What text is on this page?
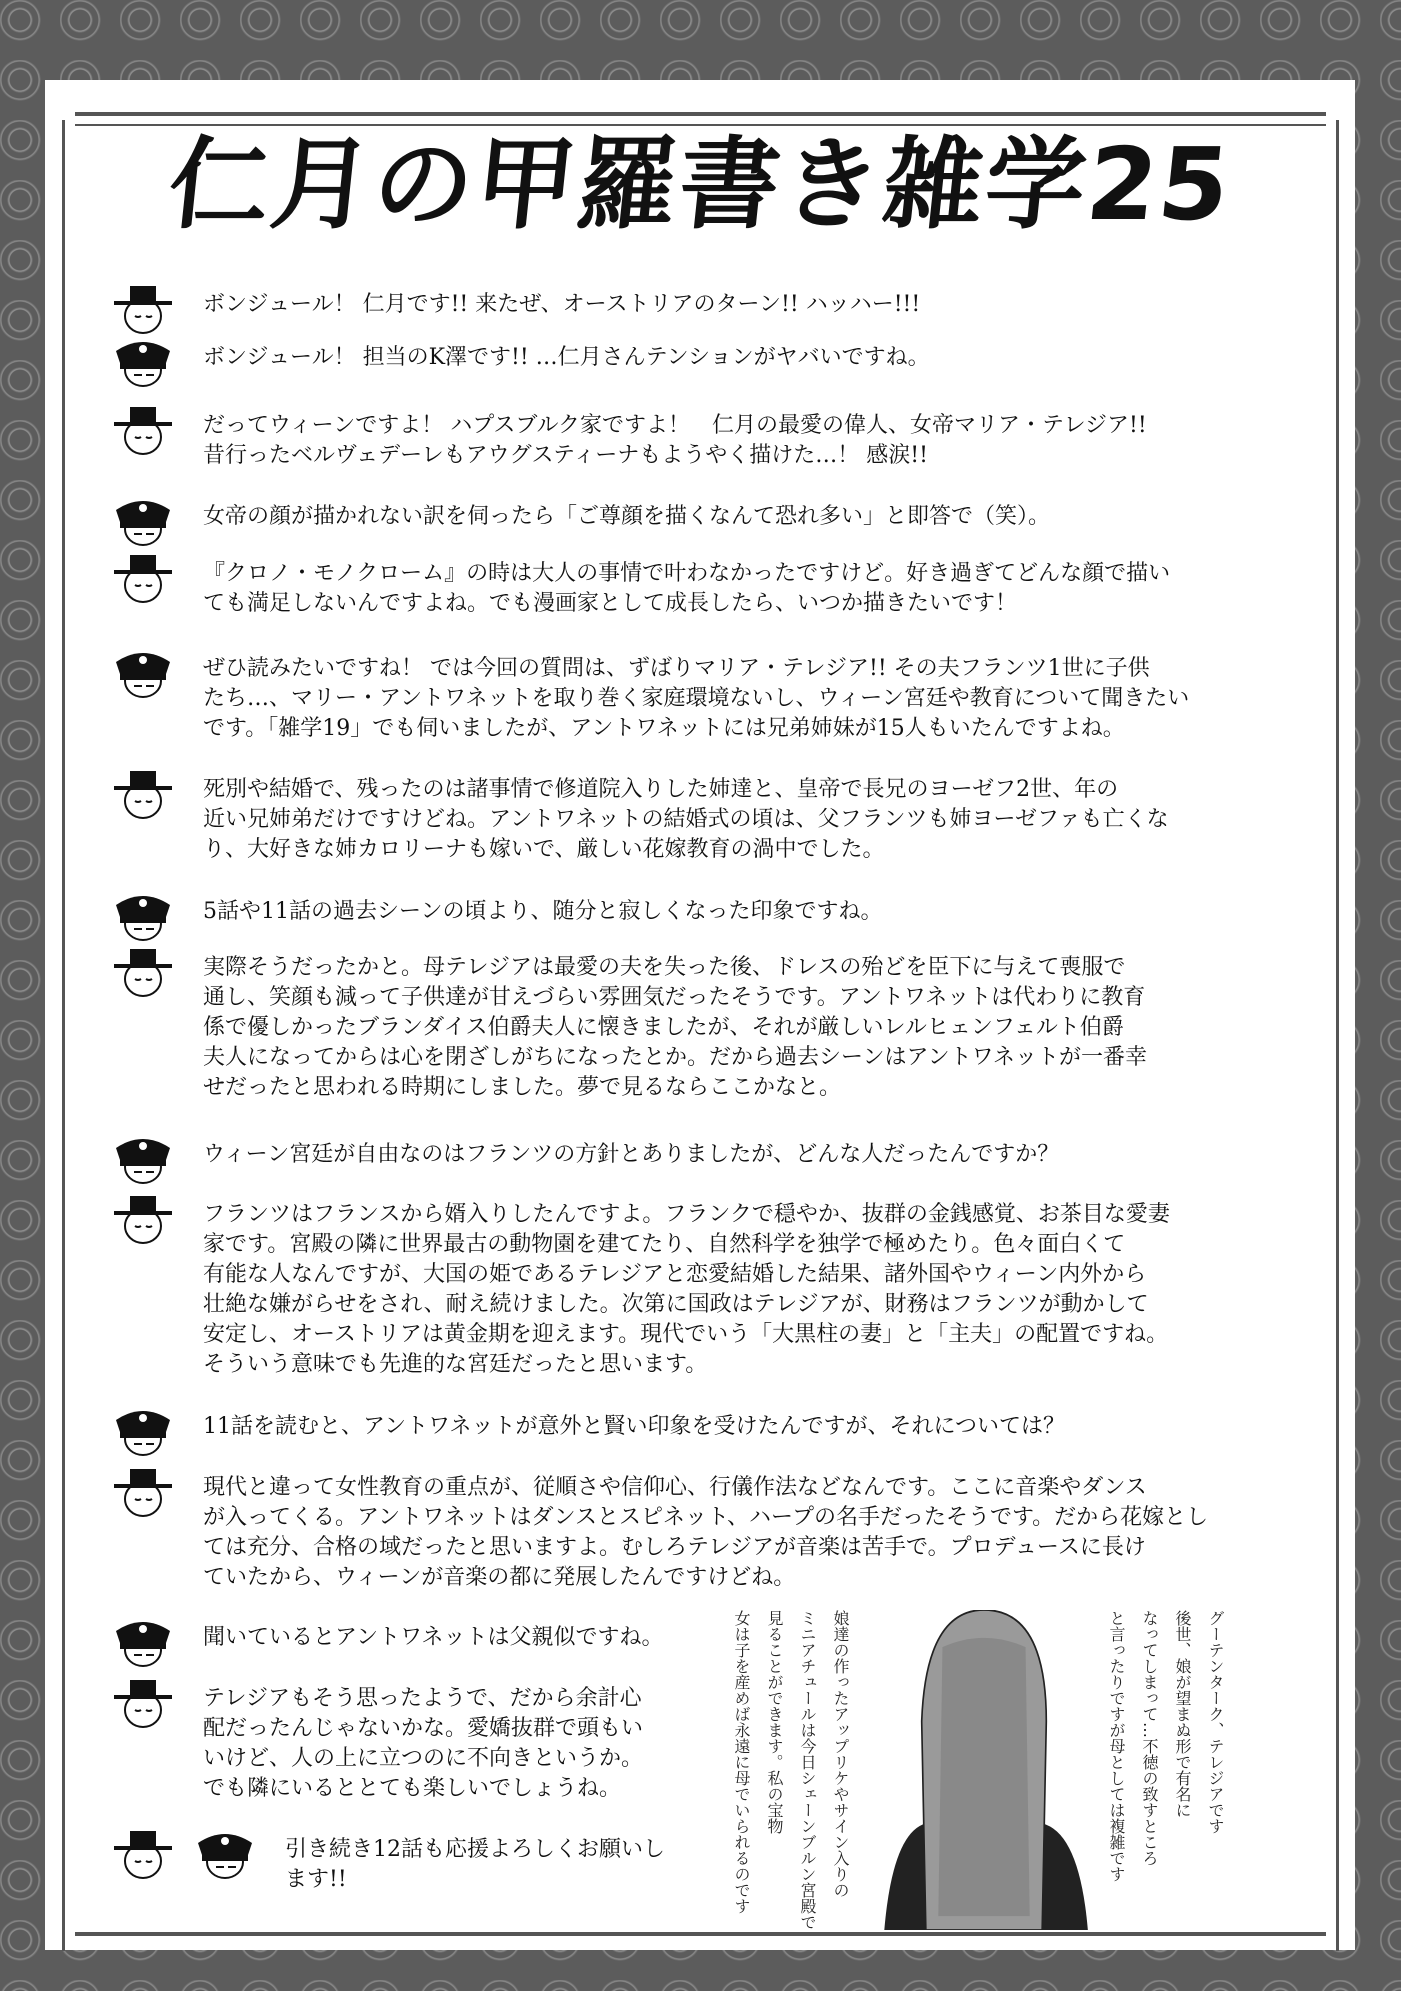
仁月の甲羅書き雑学25
ボンジュール！ 仁月です!! 来たぜ、オーストリアのターン!! ハッハー!!!
ボンジュール！ 担当のK澤です!! …仁月さんテンションがヤバいですね。
だってウィーンですよ！ ハプスブルク家ですよ！　仁月の最愛の偉人、女帝マリア・テレジア!!
昔行ったベルヴェデーレもアウグスティーナもようやく描けた…！ 感涙!!
女帝の顔が描かれない訳を伺ったら「ご尊顔を描くなんて恐れ多い」と即答で（笑）。
『クロノ・モノクローム』の時は大人の事情で叶わなかったですけど。好き過ぎてどんな顔で描い
ても満足しないんですよね。でも漫画家として成長したら、いつか描きたいです！
ぜひ読みたいですね！ では今回の質問は、ずばりマリア・テレジア!! その夫フランツ1世に子供
たち…、マリー・アントワネットを取り巻く家庭環境ないし、ウィーン宮廷や教育について聞きたい
です。「雑学19」でも伺いましたが、アントワネットには兄弟姉妹が15人もいたんですよね。
死別や結婚で、残ったのは諸事情で修道院入りした姉達と、皇帝で長兄のヨーゼフ2世、年の
近い兄姉弟だけですけどね。アントワネットの結婚式の頃は、父フランツも姉ヨーゼファも亡くな
り、大好きな姉カロリーナも嫁いで、厳しい花嫁教育の渦中でした。
5話や11話の過去シーンの頃より、随分と寂しくなった印象ですね。
実際そうだったかと。母テレジアは最愛の夫を失った後、ドレスの殆どを臣下に与えて喪服で
通し、笑顔も減って子供達が甘えづらい雰囲気だったそうです。アントワネットは代わりに教育
係で優しかったブランダイス伯爵夫人に懐きましたが、それが厳しいレルヒェンフェルト伯爵
夫人になってからは心を閉ざしがちになったとか。だから過去シーンはアントワネットが一番幸
せだったと思われる時期にしました。夢で見るならここかなと。
ウィーン宮廷が自由なのはフランツの方針とありましたが、どんな人だったんですか？
フランツはフランスから婿入りしたんですよ。フランクで穏やか、抜群の金銭感覚、お茶目な愛妻
家です。宮殿の隣に世界最古の動物園を建てたり、自然科学を独学で極めたり。色々面白くて
有能な人なんですが、大国の姫であるテレジアと恋愛結婚した結果、諸外国やウィーン内外から
壮絶な嫌がらせをされ、耐え続けました。次第に国政はテレジアが、財務はフランツが動かして
安定し、オーストリアは黄金期を迎えます。現代でいう「大黒柱の妻」と「主夫」の配置ですね。
そういう意味でも先進的な宮廷だったと思います。
11話を読むと、アントワネットが意外と賢い印象を受けたんですが、それについては？
現代と違って女性教育の重点が、従順さや信仰心、行儀作法などなんです。ここに音楽やダンス
が入ってくる。アントワネットはダンスとスピネット、ハープの名手だったそうです。だから花嫁とし
ては充分、合格の域だったと思いますよ。むしろテレジアが音楽は苦手で。プロデュースに長け
ていたから、ウィーンが音楽の都に発展したんですけどね。
聞いているとアントワネットは父親似ですね。
テレジアもそう思ったようで、だから余計心
配だったんじゃないかな。愛嬌抜群で頭もい
いけど、人の上に立つのに不向きというか。
でも隣にいるととても楽しいでしょうね。
引き続き12話も応援よろしくお願いし
ます!!
グーテンターク、テレジアです
後世、娘が望まぬ形で有名に
なってしまって…不徳の致すところ
と言ったりですが母としては複雑です
娘達の作ったアップリケやサイン入りの
ミニアチュールは今日シェーンブルン宮殿で
見ることができます。私の宝物
女は子を産めば永遠に母でいられるのです
